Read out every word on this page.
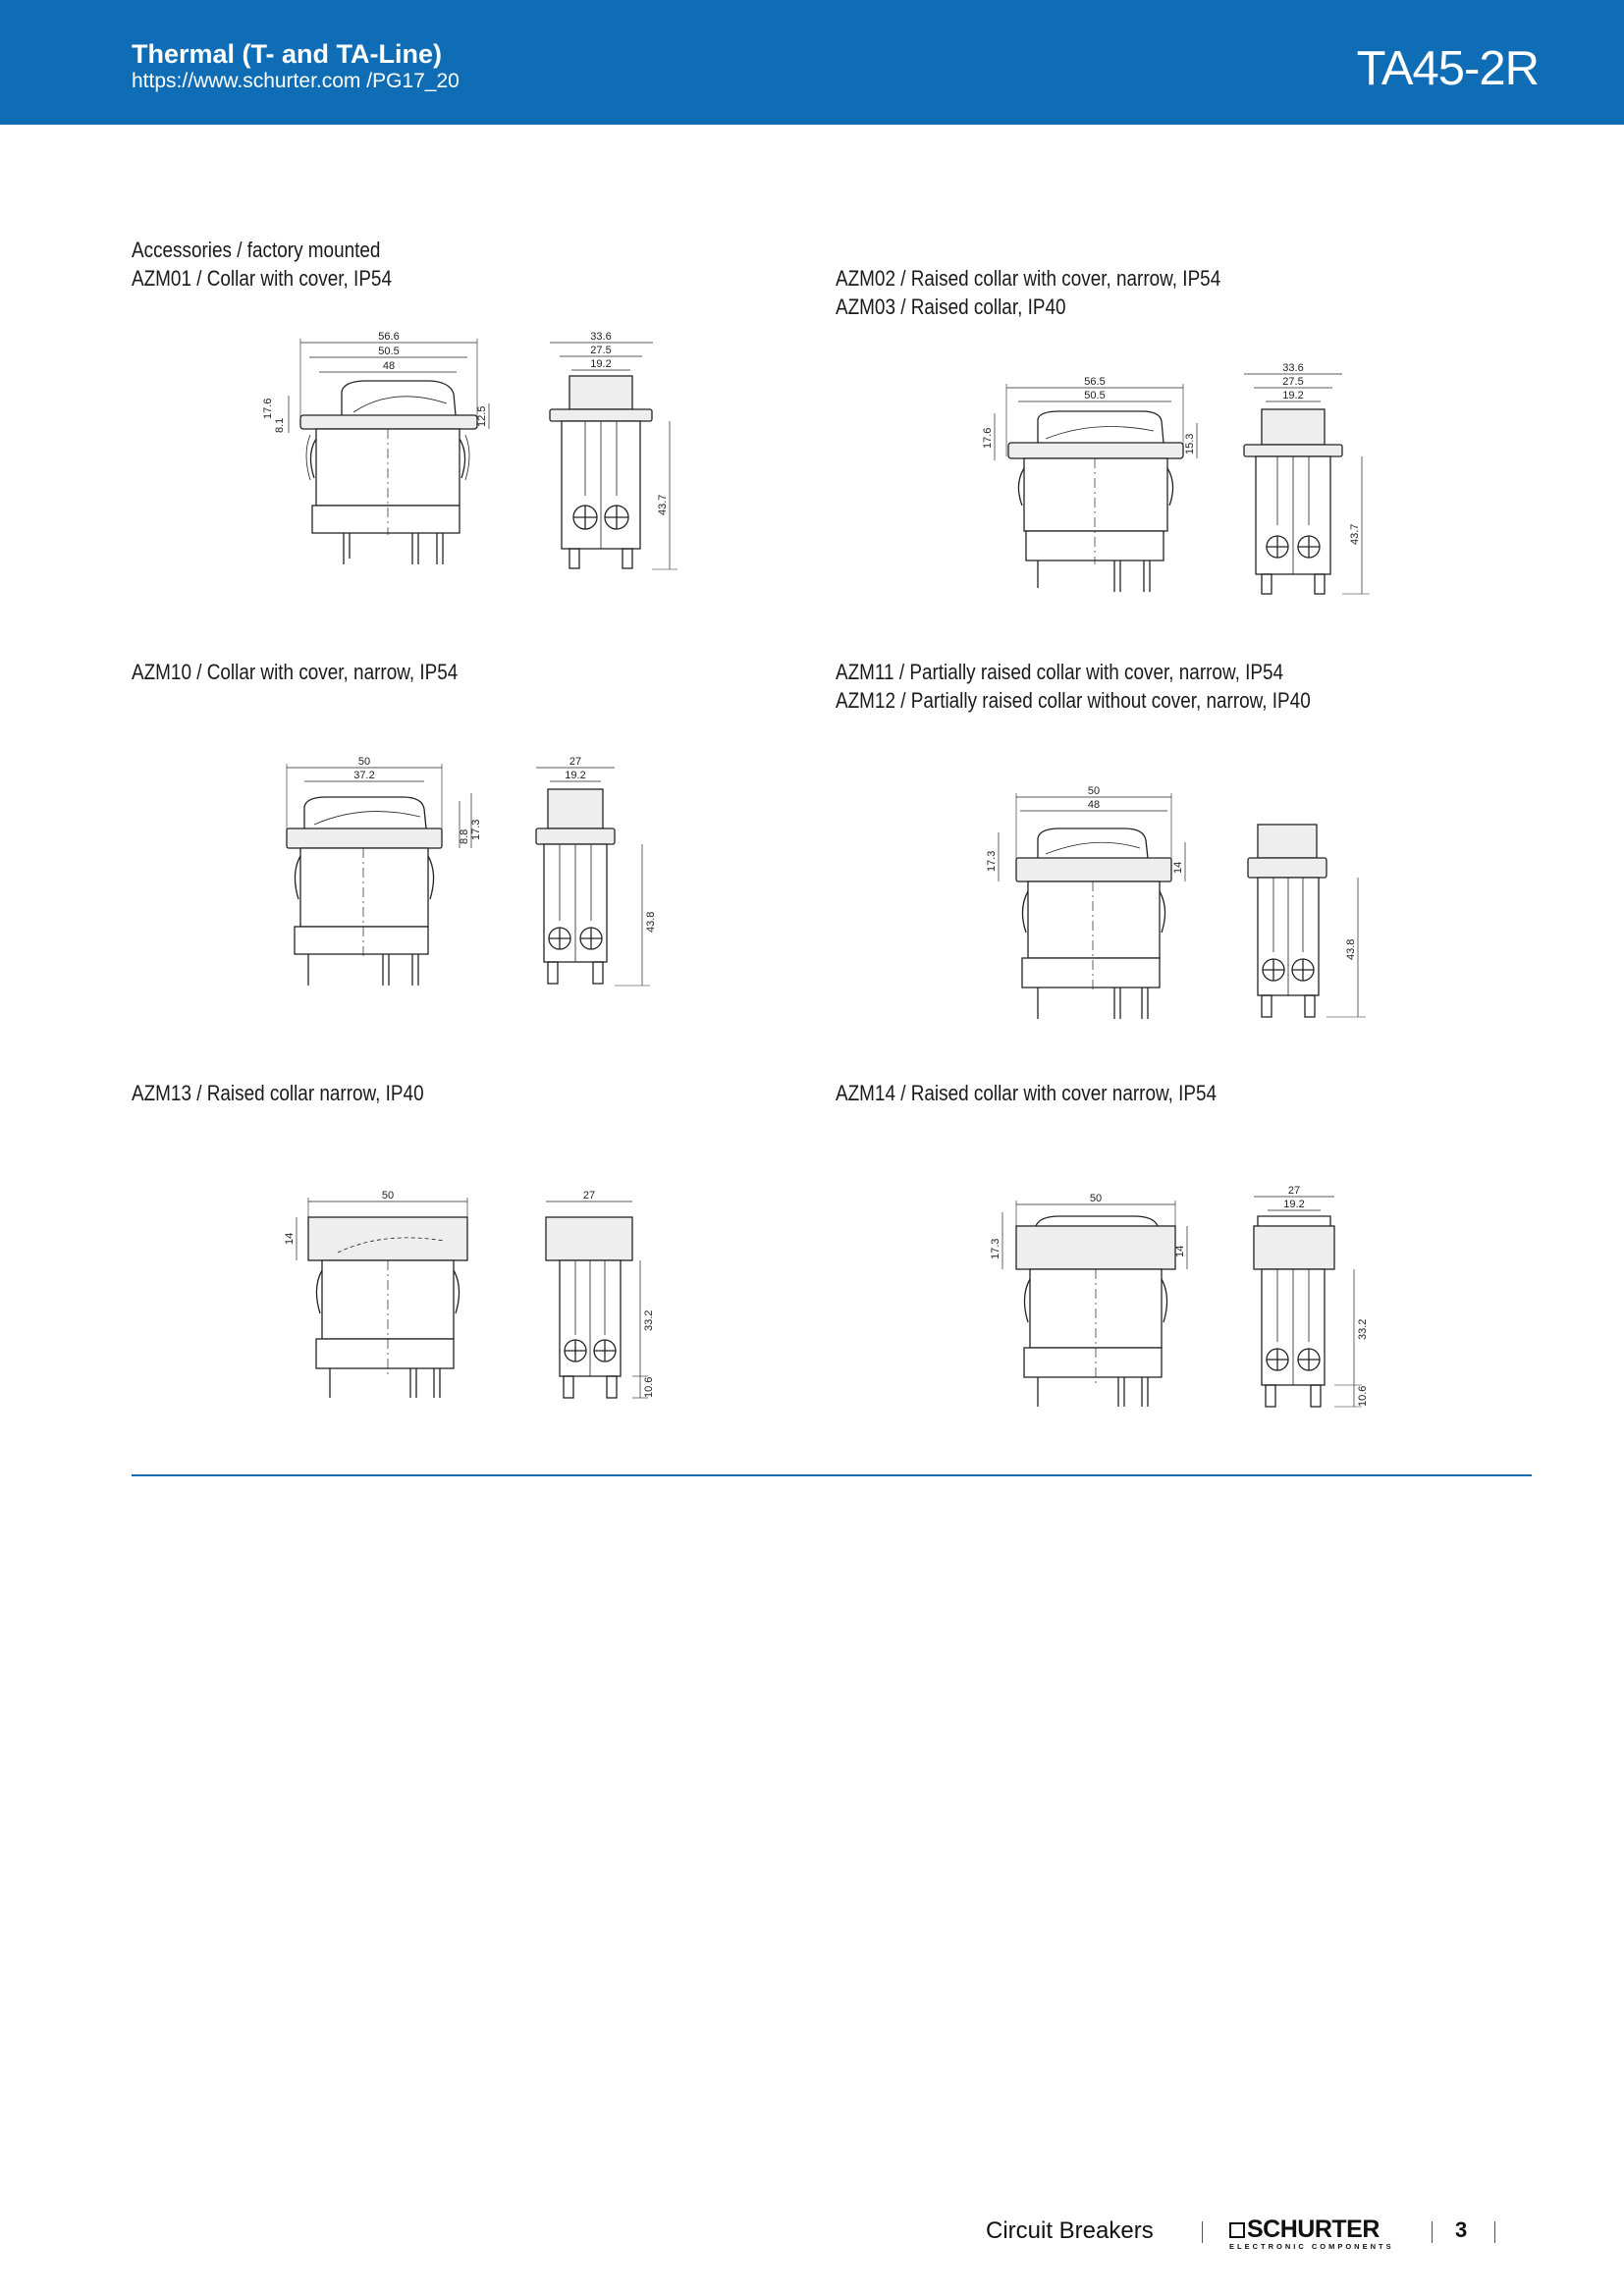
Thermal (T- and TA-Line)
https://www.schurter.com /PG17_20	TA45-2R
Accessories / factory mounted
AZM01 / Collar with cover, IP54	AZM02 / Raised collar with cover, narrow, IP54
AZM03 / Raised collar, IP40
AZM10 / Collar with cover, narrow, IP54	AZM11 / Partially raised collar with cover, narrow, IP54
AZM12 / Partially raised collar without cover, narrow, IP40
AZM13 / Raised collar narrow, IP40	AZM14 / Raised collar with cover narrow, IP54
56.6
50.5
48
17.6
8.1	12.5
33.6
27.5
19.2
43.7
56.5
50.5
17.6	15.3
33.6
27.5
19.2
43.7
50
37.2
8.8 17.3
27
19.2
43.8
50
48
17.3	14
43.8
50
14
27
33.2
10.6
50
17.3	14
27
19.2
33.2
10.6
Circuit Breakers	SCHURTER
ELECTRONIC COMPONENTS
3
